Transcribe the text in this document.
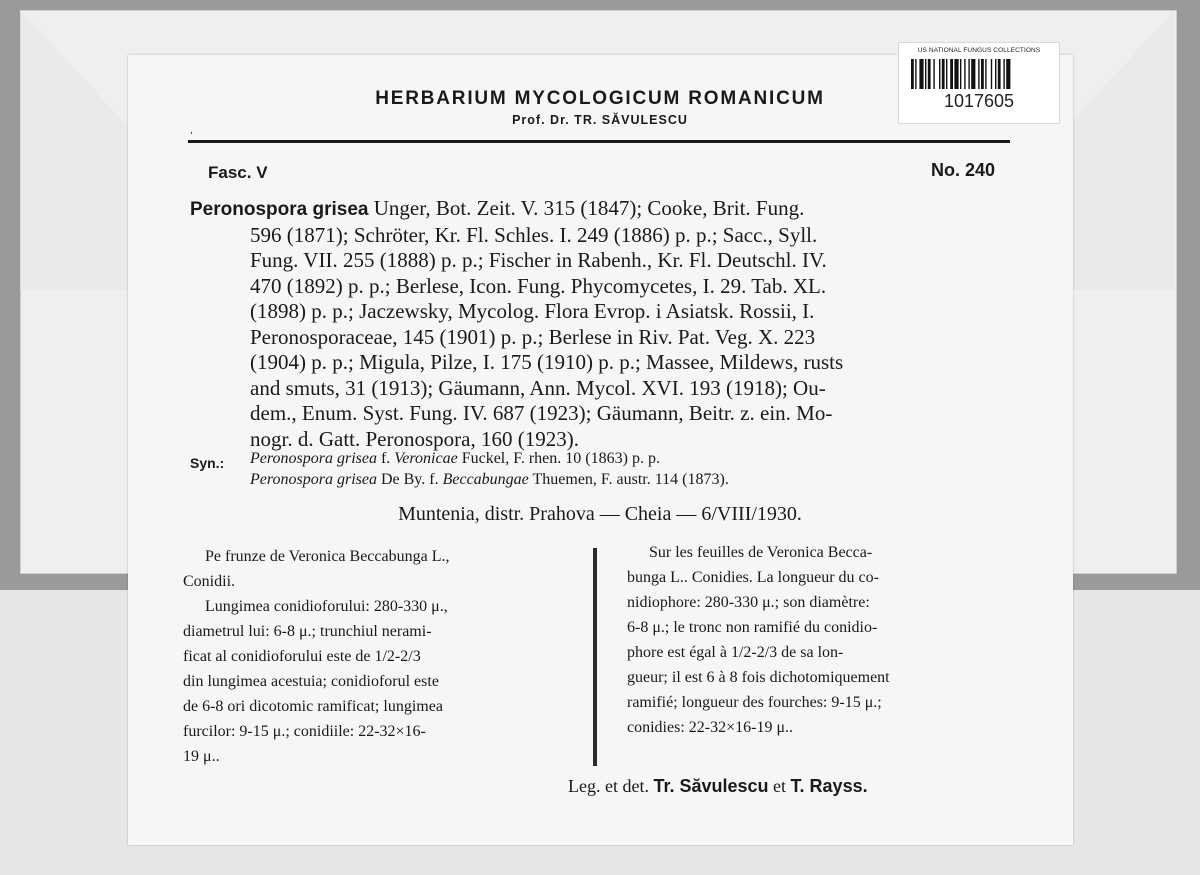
US NATIONAL FUNGUS COLLECTIONS
1017605
HERBARIUM MYCOLOGICUM ROMANICUM
Prof. Dr. TR. SĂVULESCU
ˌ
Fasc. V	No. 240
Peronospora grisea Unger, Bot. Zeit. V. 315 (1847); Cooke, Brit. Fung.
596 (1871); Schröter, Kr. Fl. Schles. I. 249 (1886) p. p.; Sacc., Syll.
Fung. VII. 255 (1888) p. p.; Fischer in Rabenh., Kr. Fl. Deutschl. IV.
470 (1892) p. p.; Berlese, Icon. Fung. Phycomycetes, I. 29. Tab. XL.
(1898) p. p.; Jaczewsky, Mycolog. Flora Evrop. i Asiatsk. Rossii, I.
Peronosporaceae, 145 (1901) p. p.; Berlese in Riv. Pat. Veg. X. 223
(1904) p. p.; Migula, Pilze, I. 175 (1910) p. p.; Massee, Mildews, rusts
and smuts, 31 (1913); Gäumann, Ann. Mycol. XVI. 193 (1918); Ou-
dem., Enum. Syst. Fung. IV. 687 (1923); Gäumann, Beitr. z. ein. Mo-
nogr. d. Gatt. Peronospora, 160 (1923).
Syn.: Peronospora grisea f. Veronicae Fuckel, F. rhen. 10 (1863) p. p.
Peronospora grisea De By. f. Beccabungae Thuemen, F. austr. 114 (1873).
Muntenia, distr. Prahova — Cheia — 6/VIII/1930.
Pe frunze de Veronica Beccabunga L.,
Conidii.
Lungimea conidioforului: 280-330 μ.,
diametrul lui: 6-8 μ.; trunchiul nerami-
ficat al conidioforului este de 1/2-2/3
din lungimea acestuia; conidioforul este
de 6-8 ori dicotomic ramificat; lungimea
furcilor: 9-15 μ.; conidiile: 22-32×16-
19 μ..
Sur les feuilles de Veronica Becca-
bunga L.. Conidies. La longueur du co-
nidiophore: 280-330 μ.; son diamètre:
6-8 μ.; le tronc non ramifié du conidio-
phore est égal à 1/2-2/3 de sa lon-
gueur; il est 6 à 8 fois dichotomiquement
ramifié; longueur des fourches: 9-15 μ.;
conidies: 22-32×16-19 μ..
Leg. et det. Tr. Săvulescu et T. Rayss.
